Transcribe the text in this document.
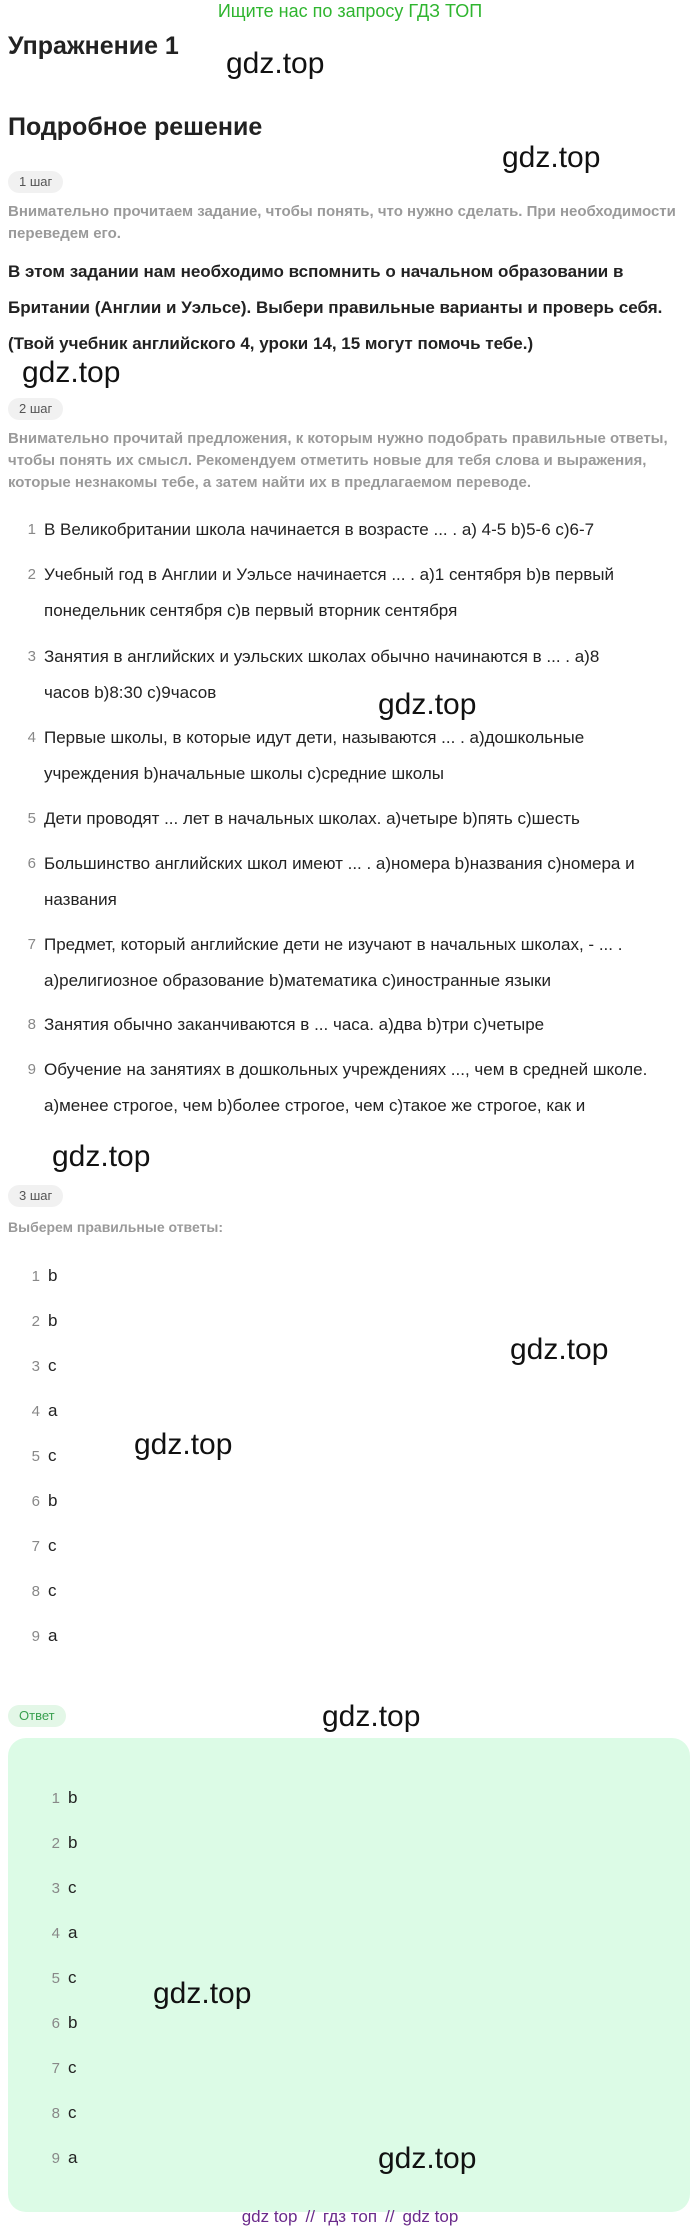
Ищите нас по запросу ГДЗ ТОП
Упражнение 1
Подробное решение
gdz.top
gdz.top
gdz.top
gdz.top
gdz.top
gdz.top
gdz.top
gdz.top
1 шаг
Внимательно прочитаем задание, чтобы понять, что нужно сделать. При необходимости переведем его.
В этом задании нам необходимо вспомнить о начальном образовании в
Британии (Англии и Уэльсе). Выбери правильные варианты и проверь себя.
(Твой учебник английского 4, уроки 14, 15 могут помочь тебе.)
2 шаг
Внимательно прочитай предложения, к которым нужно подобрать правильные ответы,
чтобы понять их смысл. Рекомендуем отметить новые для тебя слова и выражения,
которые незнакомы тебе, а затем найти их в предлагаемом переводе.
1 В Великобритании школа начинается в возрасте ... . a) 4-5 b)5-6 c)6-7
2 Учебный год в Англии и Уэльсе начинается ... . a)1 сентября b)в первый
понедельник сентября c)в первый вторник сентября
3 Занятия в английских и уэльских школах обычно начинаются в ... . a)8
часов b)8:30 c)9часов
4 Первые школы, в которые идут дети, называются ... . a)дошкольные
учреждения b)начальные школы c)средние школы
5 Дети проводят ... лет в начальных школах. a)четыре b)пять c)шесть
6 Большинство английских школ имеют ... . a)номера b)названия c)номера и
названия
7 Предмет, который английские дети не изучают в начальных школах, - ... .
a)религиозное образование b)математика c)иностранные языки
8 Занятия обычно заканчиваются в ... часа. a)два b)три c)четыре
9 Обучение на занятиях в дошкольных учреждениях ..., чем в средней школе.
a)менее строгое, чем b)более строгое, чем c)такое же строгое, как и
3 шаг
Выберем правильные ответы:
1 b
2 b
3 c
4 a
5 c
6 b
7 c
8 c
9 a
Ответ
1 b
2 b
3 c
4 a
5 c
6 b
7 c
8 c
9 a
gdz.top
gdz.top
gdz top // гдз топ // gdz top
